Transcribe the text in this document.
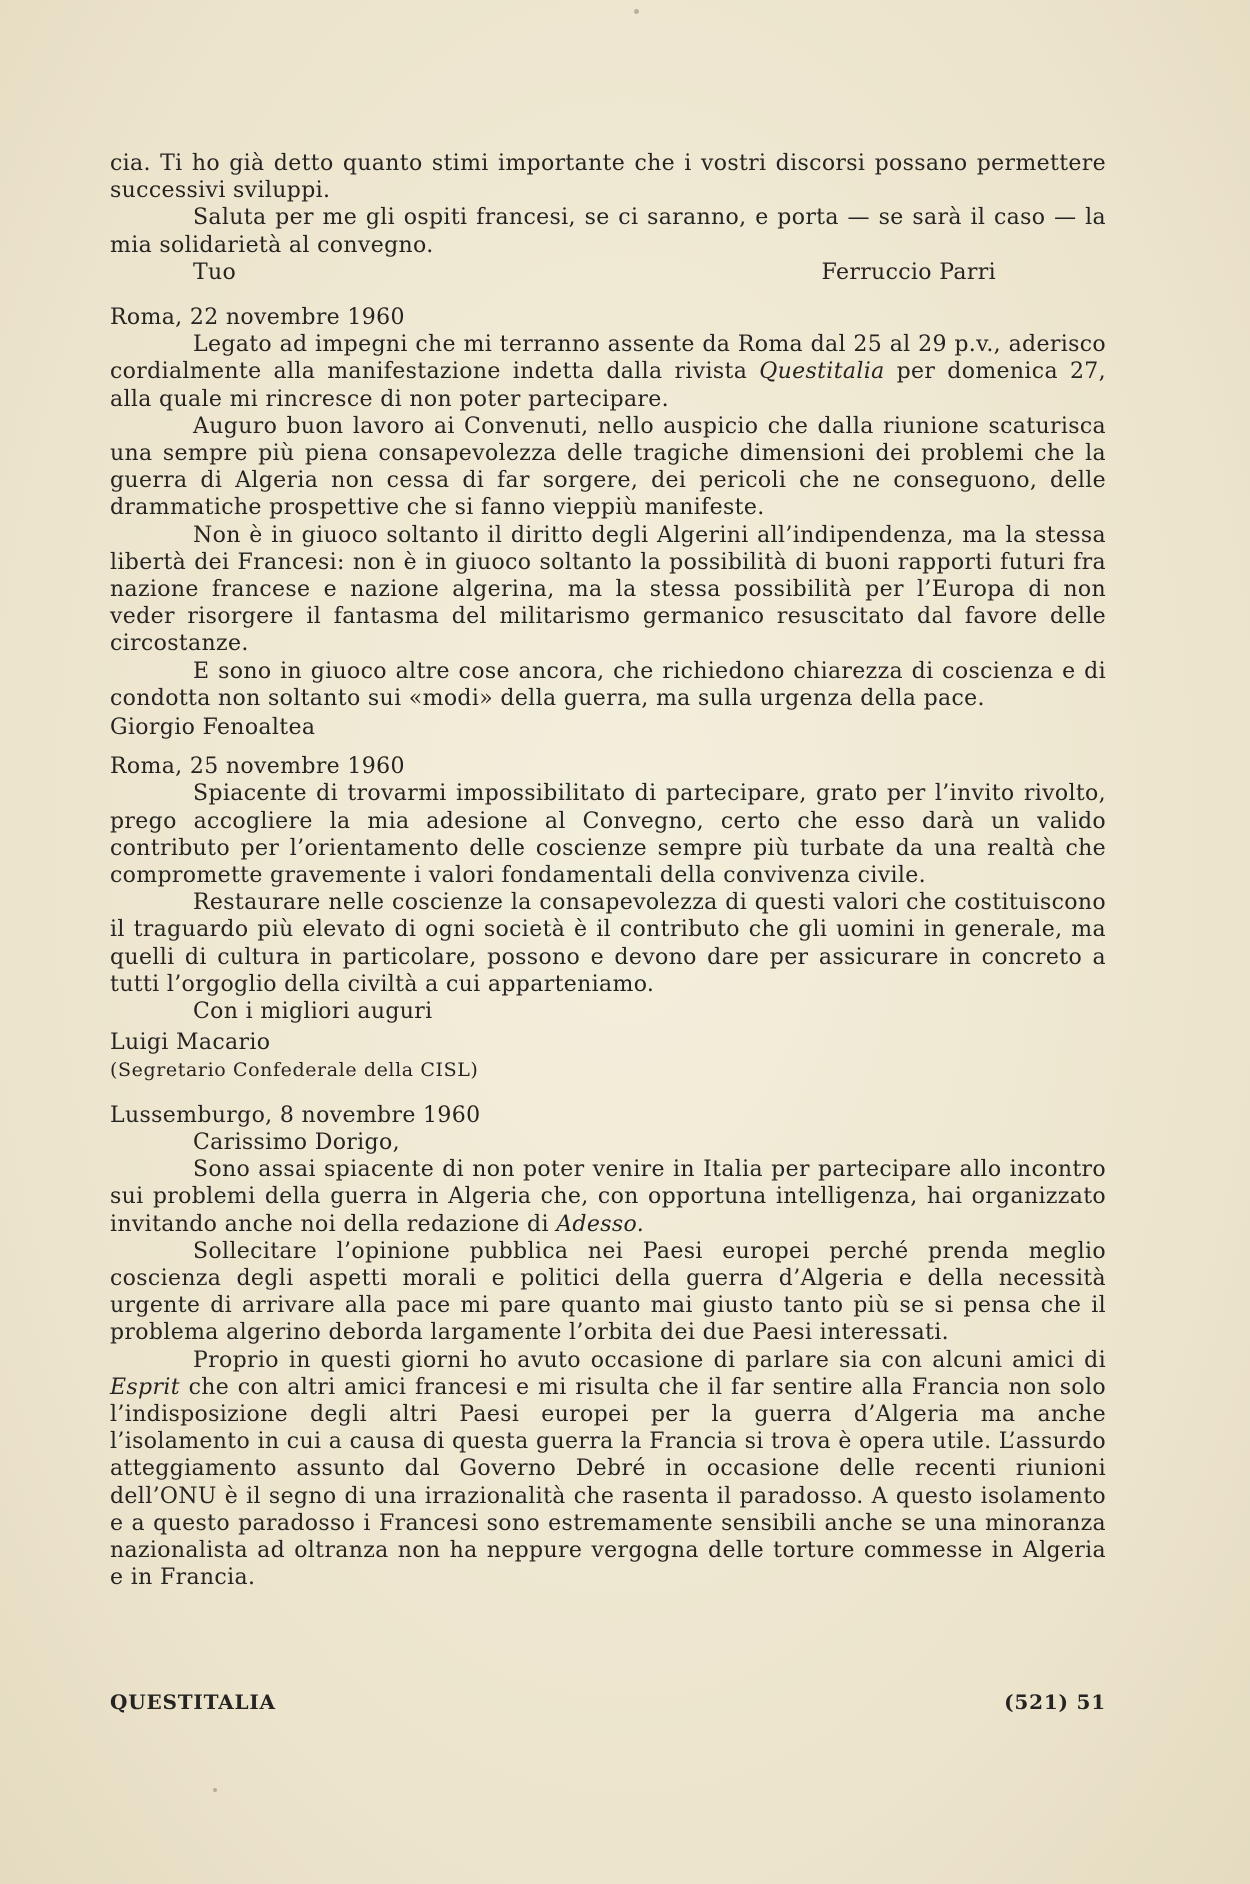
cia. Ti ho già detto quanto stimi importante che i vostri discorsi possano permettere successivi sviluppi.

Saluta per me gli ospiti francesi, se ci saranno, e porta — se sarà il caso — la mia solidarietà al convegno.

Tuo	Ferruccio Parri

Roma, 22 novembre 1960

Legato ad impegni che mi terranno assente da Roma dal 25 al 29 p.v., aderisco cordialmente alla manifestazione indetta dalla rivista Questitalia per domenica 27, alla quale mi rincresce di non poter partecipare.

Auguro buon lavoro ai Convenuti, nello auspicio che dalla riunione scaturisca una sempre più piena consapevolezza delle tragiche dimensioni dei problemi che la guerra di Algeria non cessa di far sorgere, dei pericoli che ne conseguono, delle drammatiche prospettive che si fanno vieppiù manifeste.

Non è in giuoco soltanto il diritto degli Algerini all’indipendenza, ma la stessa libertà dei Francesi: non è in giuoco soltanto la possibilità di buoni rapporti futuri fra nazione francese e nazione algerina, ma la stessa possibilità per l’Europa di non veder risorgere il fantasma del militarismo germanico resuscitato dal favore delle circostanze.

E sono in giuoco altre cose ancora, che richiedono chiarezza di coscienza e di condotta non soltanto sui «modi» della guerra, ma sulla urgenza della pace.

Giorgio Fenoaltea

Roma, 25 novembre 1960

Spiacente di trovarmi impossibilitato di partecipare, grato per l’invito rivolto, prego accogliere la mia adesione al Convegno, certo che esso darà un valido contributo per l’orientamento delle coscienze sempre più turbate da una realtà che compromette gravemente i valori fondamentali della convivenza civile.

Restaurare nelle coscienze la consapevolezza di questi valori che costituiscono il traguardo più elevato di ogni società è il contributo che gli uomini in generale, ma quelli di cultura in particolare, possono e devono dare per assicurare in concreto a tutti l’orgoglio della civiltà a cui apparteniamo.

Con i migliori auguri

Luigi Macario

(Segretario Confederale della CISL)

Lussemburgo, 8 novembre 1960

Carissimo Dorigo,

Sono assai spiacente di non poter venire in Italia per partecipare allo incontro sui problemi della guerra in Algeria che, con opportuna intelligenza, hai organizzato invitando anche noi della redazione di Adesso.

Sollecitare l’opinione pubblica nei Paesi europei perché prenda meglio coscienza degli aspetti morali e politici della guerra d’Algeria e della necessità urgente di arrivare alla pace mi pare quanto mai giusto tanto più se si pensa che il problema algerino deborda largamente l’orbita dei due Paesi interessati.

Proprio in questi giorni ho avuto occasione di parlare sia con alcuni amici di Esprit che con altri amici francesi e mi risulta che il far sentire alla Francia non solo l’indisposizione degli altri Paesi europei per la guerra d’Algeria ma anche l’isolamento in cui a causa di questa guerra la Francia si trova è opera utile. L’assurdo atteggiamento assunto dal Governo Debré in occasione delle recenti riunioni dell’ONU è il segno di una irrazionalità che rasenta il paradosso. A questo isolamento e a questo paradosso i Francesi sono estremamente sensibili anche se una minoranza nazionalista ad oltranza non ha neppure vergogna delle torture commesse in Algeria e in Francia.

QUESTITALIA	(521) 51
